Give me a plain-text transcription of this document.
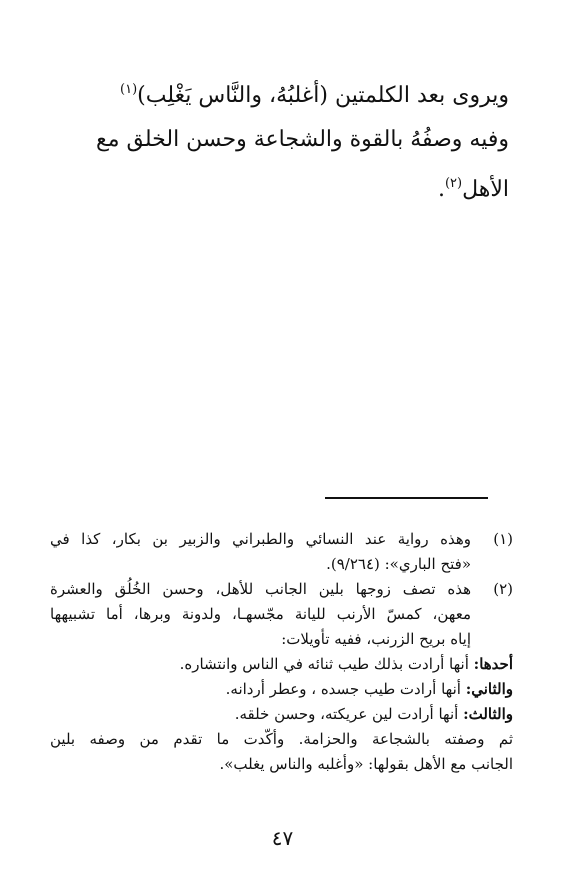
ويروى بعد الكلمتين (أغلبُهُ، والنَّاس يَغْلِب)$^{(١)}$

وفيه وصفُهُ بالقوة والشجاعة وحسن الخلق مع الأهل$^{(٢)}$.

(١)

وهذه رواية عند النسائي والطبراني والزبير بن بكار، كذا في

«فتح الباري»: (٩/٢٦٤).

(٢)

هذه تصف زوجها بلين الجانب للأهل، وحسن الخُلُق والعشرة

معهن، كمسّ الأرنب لليانة مجّسهـا، ولدونة وبرها، أما تشبيهها

إياه بريح الزرنب، ففيه تأويلات:

أحدها: أنها أرادت بذلك طيب ثنائه في الناس وانتشاره.

والثاني: أنها أرادت طيب جسده ، وعطر أردانه.

والثالث: أنها أرادت لين عريكته، وحسن خلقه.

ثم وصفته بالشجاعة والحزامة. وأكّدت ما تقدم من وصفه بلين

الجانب مع الأهل بقولها: «وأغلبه والناس يغلب».

٤٧
